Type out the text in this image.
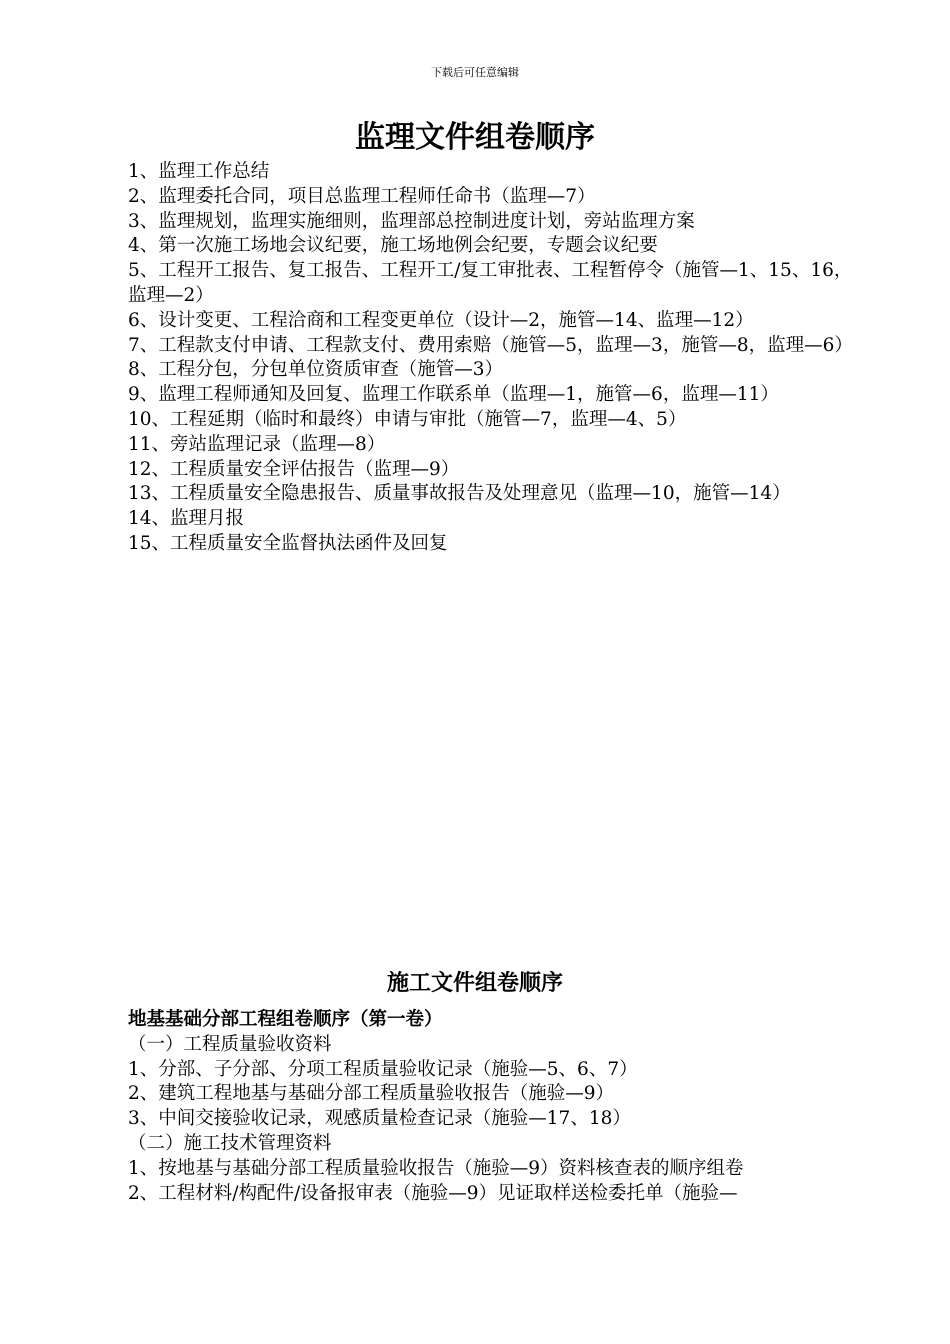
下载后可任意编辑
监理文件组卷顺序
1、监理工作总结
2、监理委托合同，项目总监理工程师任命书（监理—7）
3、监理规划，监理实施细则，监理部总控制进度计划，旁站监理方案
4、第一次施工场地会议纪要，施工场地例会纪要，专题会议纪要
5、工程开工报告、复工报告、工程开工/复工审批表、工程暂停令（施管—1、15、16，监理—2）
6、设计变更、工程洽商和工程变更单位（设计—2，施管—14、监理—12）
7、工程款支付申请、工程款支付、费用索赔（施管—5，监理—3，施管—8，监理—6）
8、工程分包，分包单位资质审查（施管—3）
9、监理工程师通知及回复、监理工作联系单（监理—1，施管—6，监理—11）
10、工程延期（临时和最终）申请与审批（施管—7，监理—4、5）
11、旁站监理记录（监理—8）
12、工程质量安全评估报告（监理—9）
13、工程质量安全隐患报告、质量事故报告及处理意见（监理—10，施管—14）
14、监理月报
15、工程质量安全监督执法函件及回复
施工文件组卷顺序
地基基础分部工程组卷顺序（第一卷）
（一）工程质量验收资料
1、分部、子分部、分项工程质量验收记录（施验—5、6、7）
2、建筑工程地基与基础分部工程质量验收报告（施验—9）
3、中间交接验收记录，观感质量检查记录（施验—17、18）
（二）施工技术管理资料
1、按地基与基础分部工程质量验收报告（施验—9）资料核查表的顺序组卷
2、工程材料/构配件/设备报审表（施验—9）见证取样送检委托单（施验—
